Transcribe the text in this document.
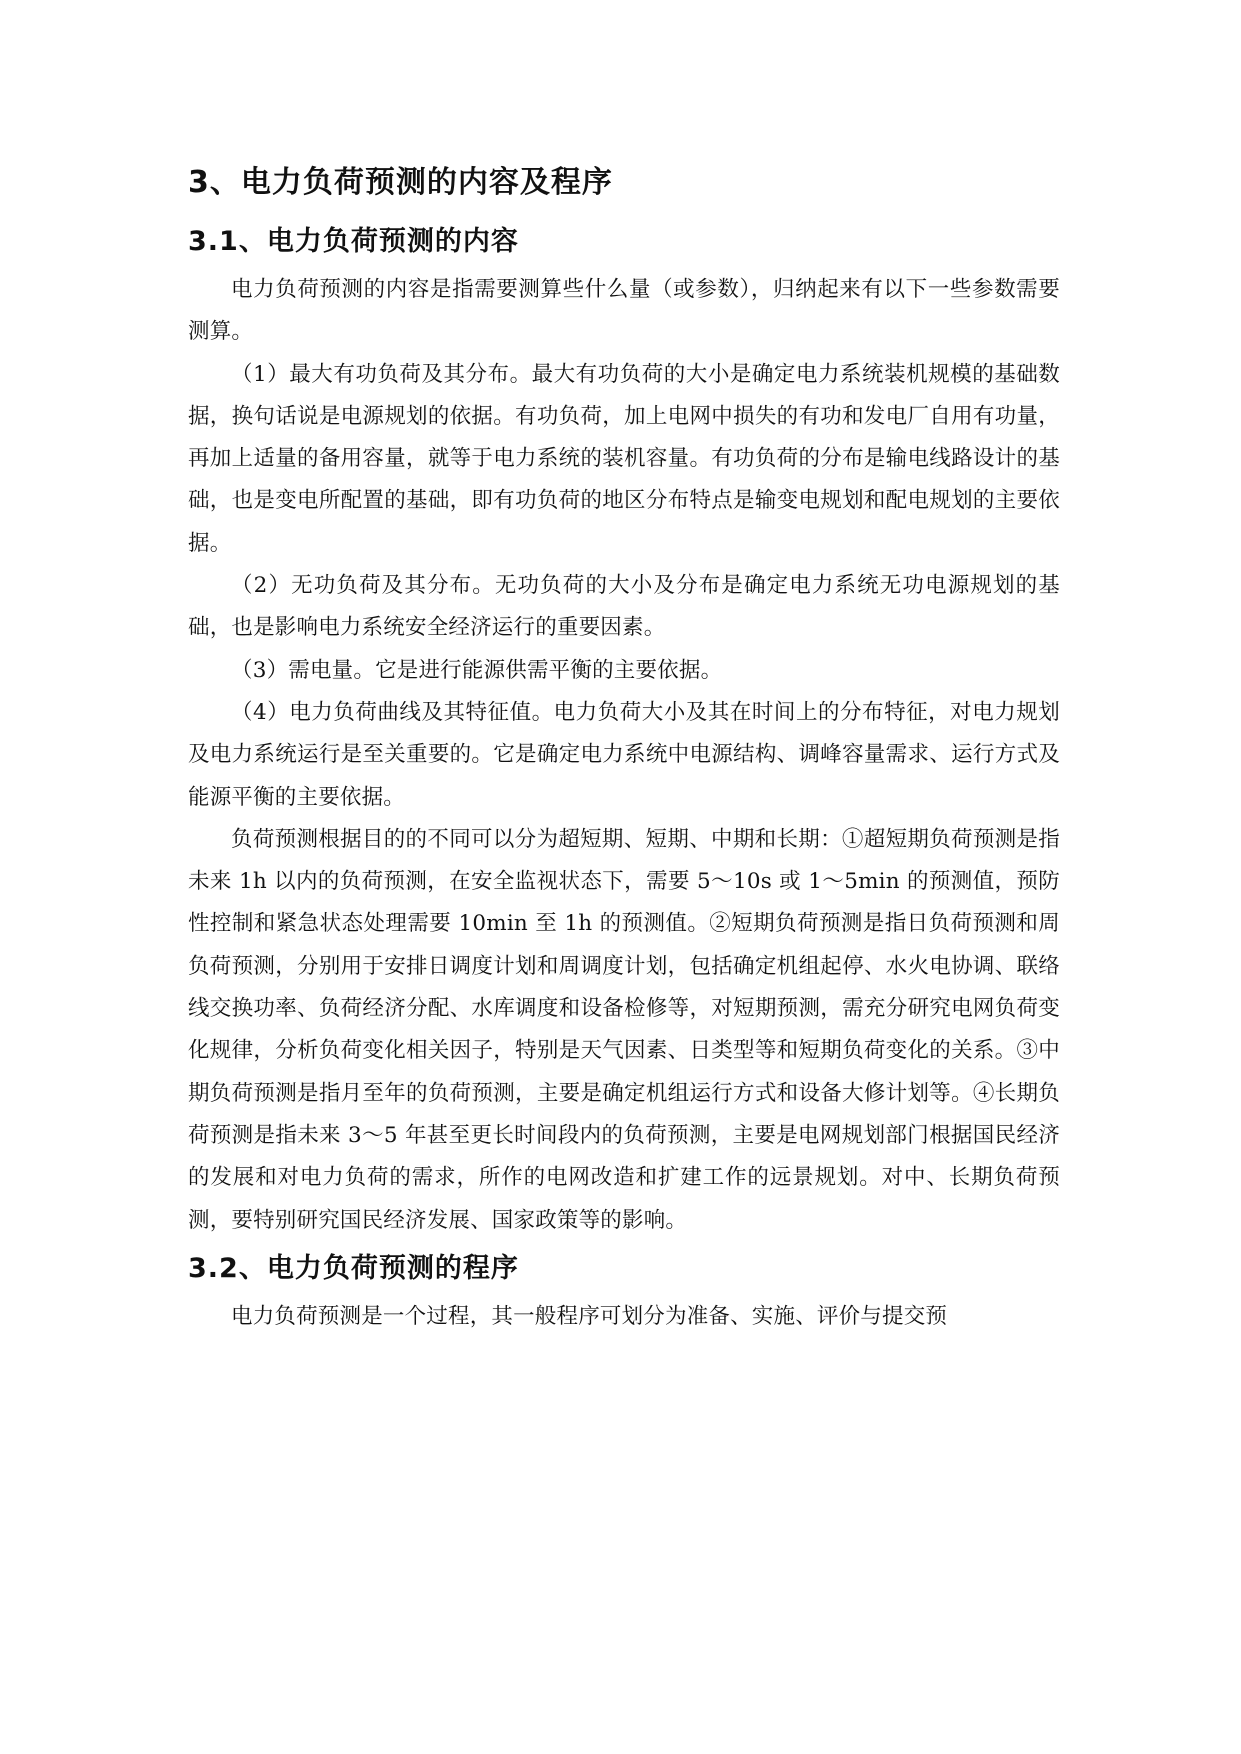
3、电力负荷预测的内容及程序
3.1、电力负荷预测的内容

电力负荷预测的内容是指需要测算些什么量（或参数），归纳起来有以下一些参数需要测算。

（1）最大有功负荷及其分布。最大有功负荷的大小是确定电力系统装机规模的基础数据，换句话说是电源规划的依据。有功负荷，加上电网中损失的有功和发电厂自用有功量，再加上适量的备用容量，就等于电力系统的装机容量。有功负荷的分布是输电线路设计的基础，也是变电所配置的基础，即有功负荷的地区分布特点是输变电规划和配电规划的主要依据。

（2）无功负荷及其分布。无功负荷的大小及分布是确定电力系统无功电源规划的基础，也是影响电力系统安全经济运行的重要因素。

（3）需电量。它是进行能源供需平衡的主要依据。

（4）电力负荷曲线及其特征值。电力负荷大小及其在时间上的分布特征，对电力规划及电力系统运行是至关重要的。它是确定电力系统中电源结构、调峰容量需求、运行方式及能源平衡的主要依据。

负荷预测根据目的的不同可以分为超短期、短期、中期和长期：①超短期负荷预测是指未来 1h 以内的负荷预测，在安全监视状态下，需要 5～10s 或 1～5min 的预测值，预防性控制和紧急状态处理需要 10min 至 1h 的预测值。②短期负荷预测是指日负荷预测和周负荷预测，分别用于安排日调度计划和周调度计划，包括确定机组起停、水火电协调、联络线交换功率、负荷经济分配、水库调度和设备检修等，对短期预测，需充分研究电网负荷变化规律，分析负荷变化相关因子，特别是天气因素、日类型等和短期负荷变化的关系。③中期负荷预测是指月至年的负荷预测，主要是确定机组运行方式和设备大修计划等。④长期负荷预测是指未来 3～5 年甚至更长时间段内的负荷预测，主要是电网规划部门根据国民经济的发展和对电力负荷的需求，所作的电网改造和扩建工作的远景规划。对中、长期负荷预测，要特别研究国民经济发展、国家政策等的影响。

3.2、电力负荷预测的程序

电力负荷预测是一个过程，其一般程序可划分为准备、实施、评价与提交预
